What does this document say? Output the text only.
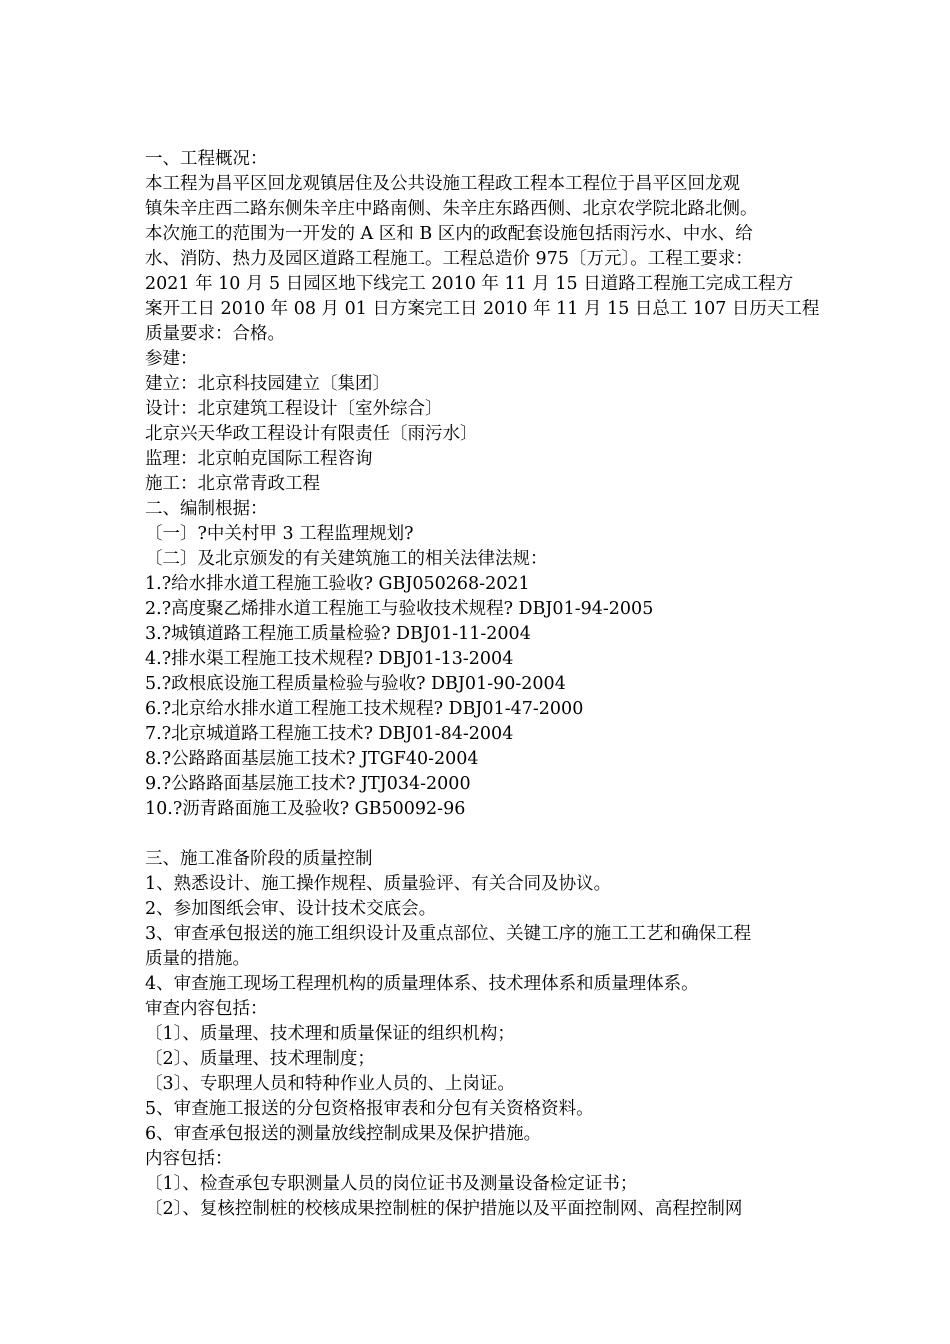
一、工程概况：
本工程为昌平区回龙观镇居住及公共设施工程政工程本工程位于昌平区回龙观
镇朱辛庄西二路东侧朱辛庄中路南侧、朱辛庄东路西侧、北京农学院北路北侧。
本次施工的范围为一开发的 A 区和 B 区内的政配套设施包括雨污水、中水、给
水、消防、热力及园区道路工程施工。工程总造价 975〔万元〕。工程工要求：
2021 年 10 月 5 日园区地下线完工 2010 年 11 月 15 日道路工程施工完成工程方
案开工日 2010 年 08 月 01 日方案完工日 2010 年 11 月 15 日总工 107 日历天工程
质量要求：合格。
参建：
建立：北京科技园建立〔集团〕
设计：北京建筑工程设计〔室外综合〕
北京兴天华政工程设计有限责任〔雨污水〕
监理：北京帕克国际工程咨询
施工：北京常青政工程
二、编制根据：
〔一〕?中关村甲 3 工程监理规划?
〔二〕及北京颁发的有关建筑施工的相关法律法规：
1.?给水排水道工程施工验收? GBJ050268-2021
2.?高度聚乙烯排水道工程施工与验收技术规程? DBJ01-94-2005
3.?城镇道路工程施工质量检验? DBJ01-11-2004
4.?排水渠工程施工技术规程? DBJ01-13-2004
5.?政根底设施工程质量检验与验收? DBJ01-90-2004
6.?北京给水排水道工程施工技术规程? DBJ01-47-2000
7.?北京城道路工程施工技术? DBJ01-84-2004
8.?公路路面基层施工技术? JTGF40-2004
9.?公路路面基层施工技术? JTJ034-2000
10.?沥青路面施工及验收? GB50092-96
三、施工准备阶段的质量控制
1、熟悉设计、施工操作规程、质量验评、有关合同及协议。
2、参加图纸会审、设计技术交底会。
3、审查承包报送的施工组织设计及重点部位、关键工序的施工工艺和确保工程
质量的措施。
4、审查施工现场工程理机构的质量理体系、技术理体系和质量理体系。
审查内容包括：
〔1〕、质量理、技术理和质量保证的组织机构；
〔2〕、质量理、技术理制度；
〔3〕、专职理人员和特种作业人员的、上岗证。
5、审查施工报送的分包资格报审表和分包有关资格资料。
6、审查承包报送的测量放线控制成果及保护措施。
内容包括：
〔1〕、检查承包专职测量人员的岗位证书及测量设备检定证书；
〔2〕、复核控制桩的校核成果控制桩的保护措施以及平面控制网、高程控制网
